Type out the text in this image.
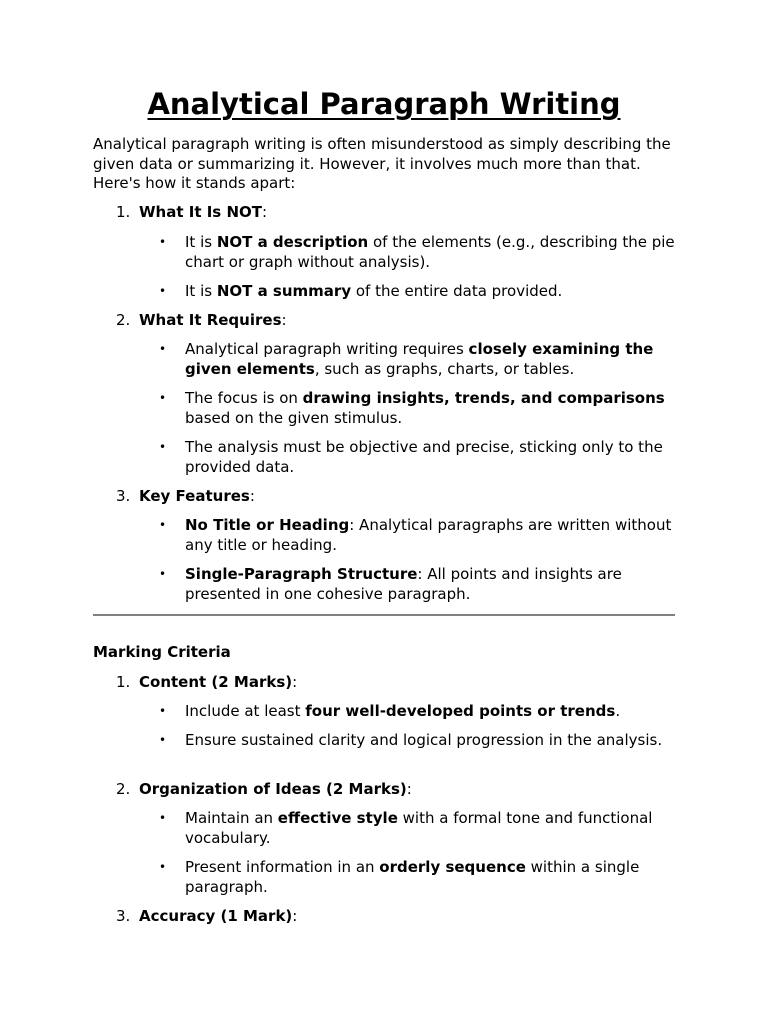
Analytical Paragraph Writing
Analytical paragraph writing is often misunderstood as simply describing the given data or summarizing it. However, it involves much more than that. Here's how it stands apart:
1. What It Is NOT:
• It is NOT a description of the elements (e.g., describing the pie chart or graph without analysis).
• It is NOT a summary of the entire data provided.
2. What It Requires:
• Analytical paragraph writing requires closely examining the given elements, such as graphs, charts, or tables.
• The focus is on drawing insights, trends, and comparisons based on the given stimulus.
• The analysis must be objective and precise, sticking only to the provided data.
3. Key Features:
• No Title or Heading: Analytical paragraphs are written without any title or heading.
• Single-Paragraph Structure: All points and insights are presented in one cohesive paragraph.
Marking Criteria
1. Content (2 Marks):
• Include at least four well-developed points or trends.
• Ensure sustained clarity and logical progression in the analysis.
2. Organization of Ideas (2 Marks):
• Maintain an effective style with a formal tone and functional vocabulary.
• Present information in an orderly sequence within a single paragraph.
3. Accuracy (1 Mark):
